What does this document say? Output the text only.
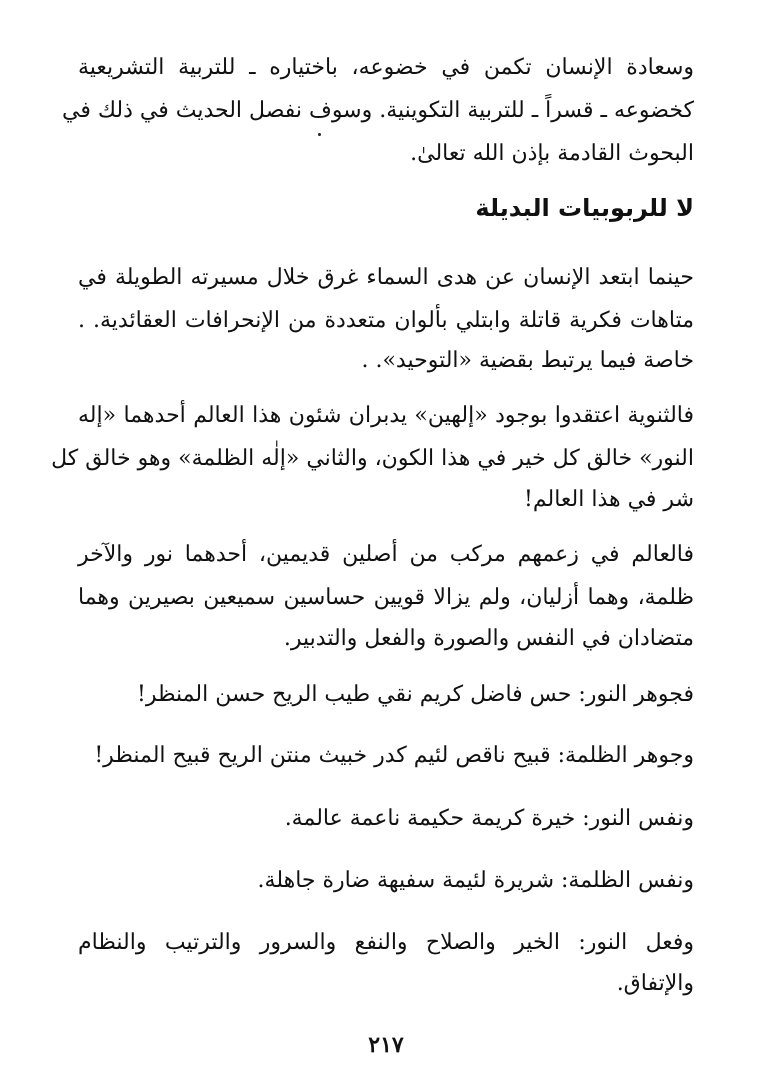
وسعادة الإنسان تكمن في خضوعه، باختياره ـ للتربية التشريعية
كخضوعه ـ قسراً ـ للتربية التكوينية. وسوف نفصل الحديث في ذلك في
البحوث القادمة بإذن الله تعالىٰ.
لا للربوبيات البديلة
حينما ابتعد الإنسان عن هدى السماء غرق خلال مسيرته الطويلة في
متاهات فكرية قاتلة وابتلي بألوان متعددة من الإنحرافات العقائدية. .
خاصة فيما يرتبط بقضية «التوحيد». .
فالثنوية اعتقدوا بوجود «إلهين» يدبران شئون هذا العالم أحدهما «إله
النور» خالق كل خير في هذا الكون، والثاني «إلٰه الظلمة» وهو خالق كل
شر في هذا العالم!
فالعالم في زعمهم مركب من أصلين قديمين، أحدهما نور والآخر
ظلمة، وهما أزليان، ولم يزالا قويين حساسين سميعين بصيرين وهما
متضادان في النفس والصورة والفعل والتدبير.
فجوهر النور: حس فاضل كريم نقي طيب الريح حسن المنظر!
وجوهر الظلمة: قبيح ناقص لئيم كدر خبيث منتن الريح قبيح المنظر!
ونفس النور: خيرة كريمة حكيمة ناعمة عالمة.
ونفس الظلمة: شريرة لئيمة سفيهة ضارة جاهلة.
وفعل النور: الخير والصلاح والنفع والسرور والترتيب والنظام
والإتفاق.
٢١٧
